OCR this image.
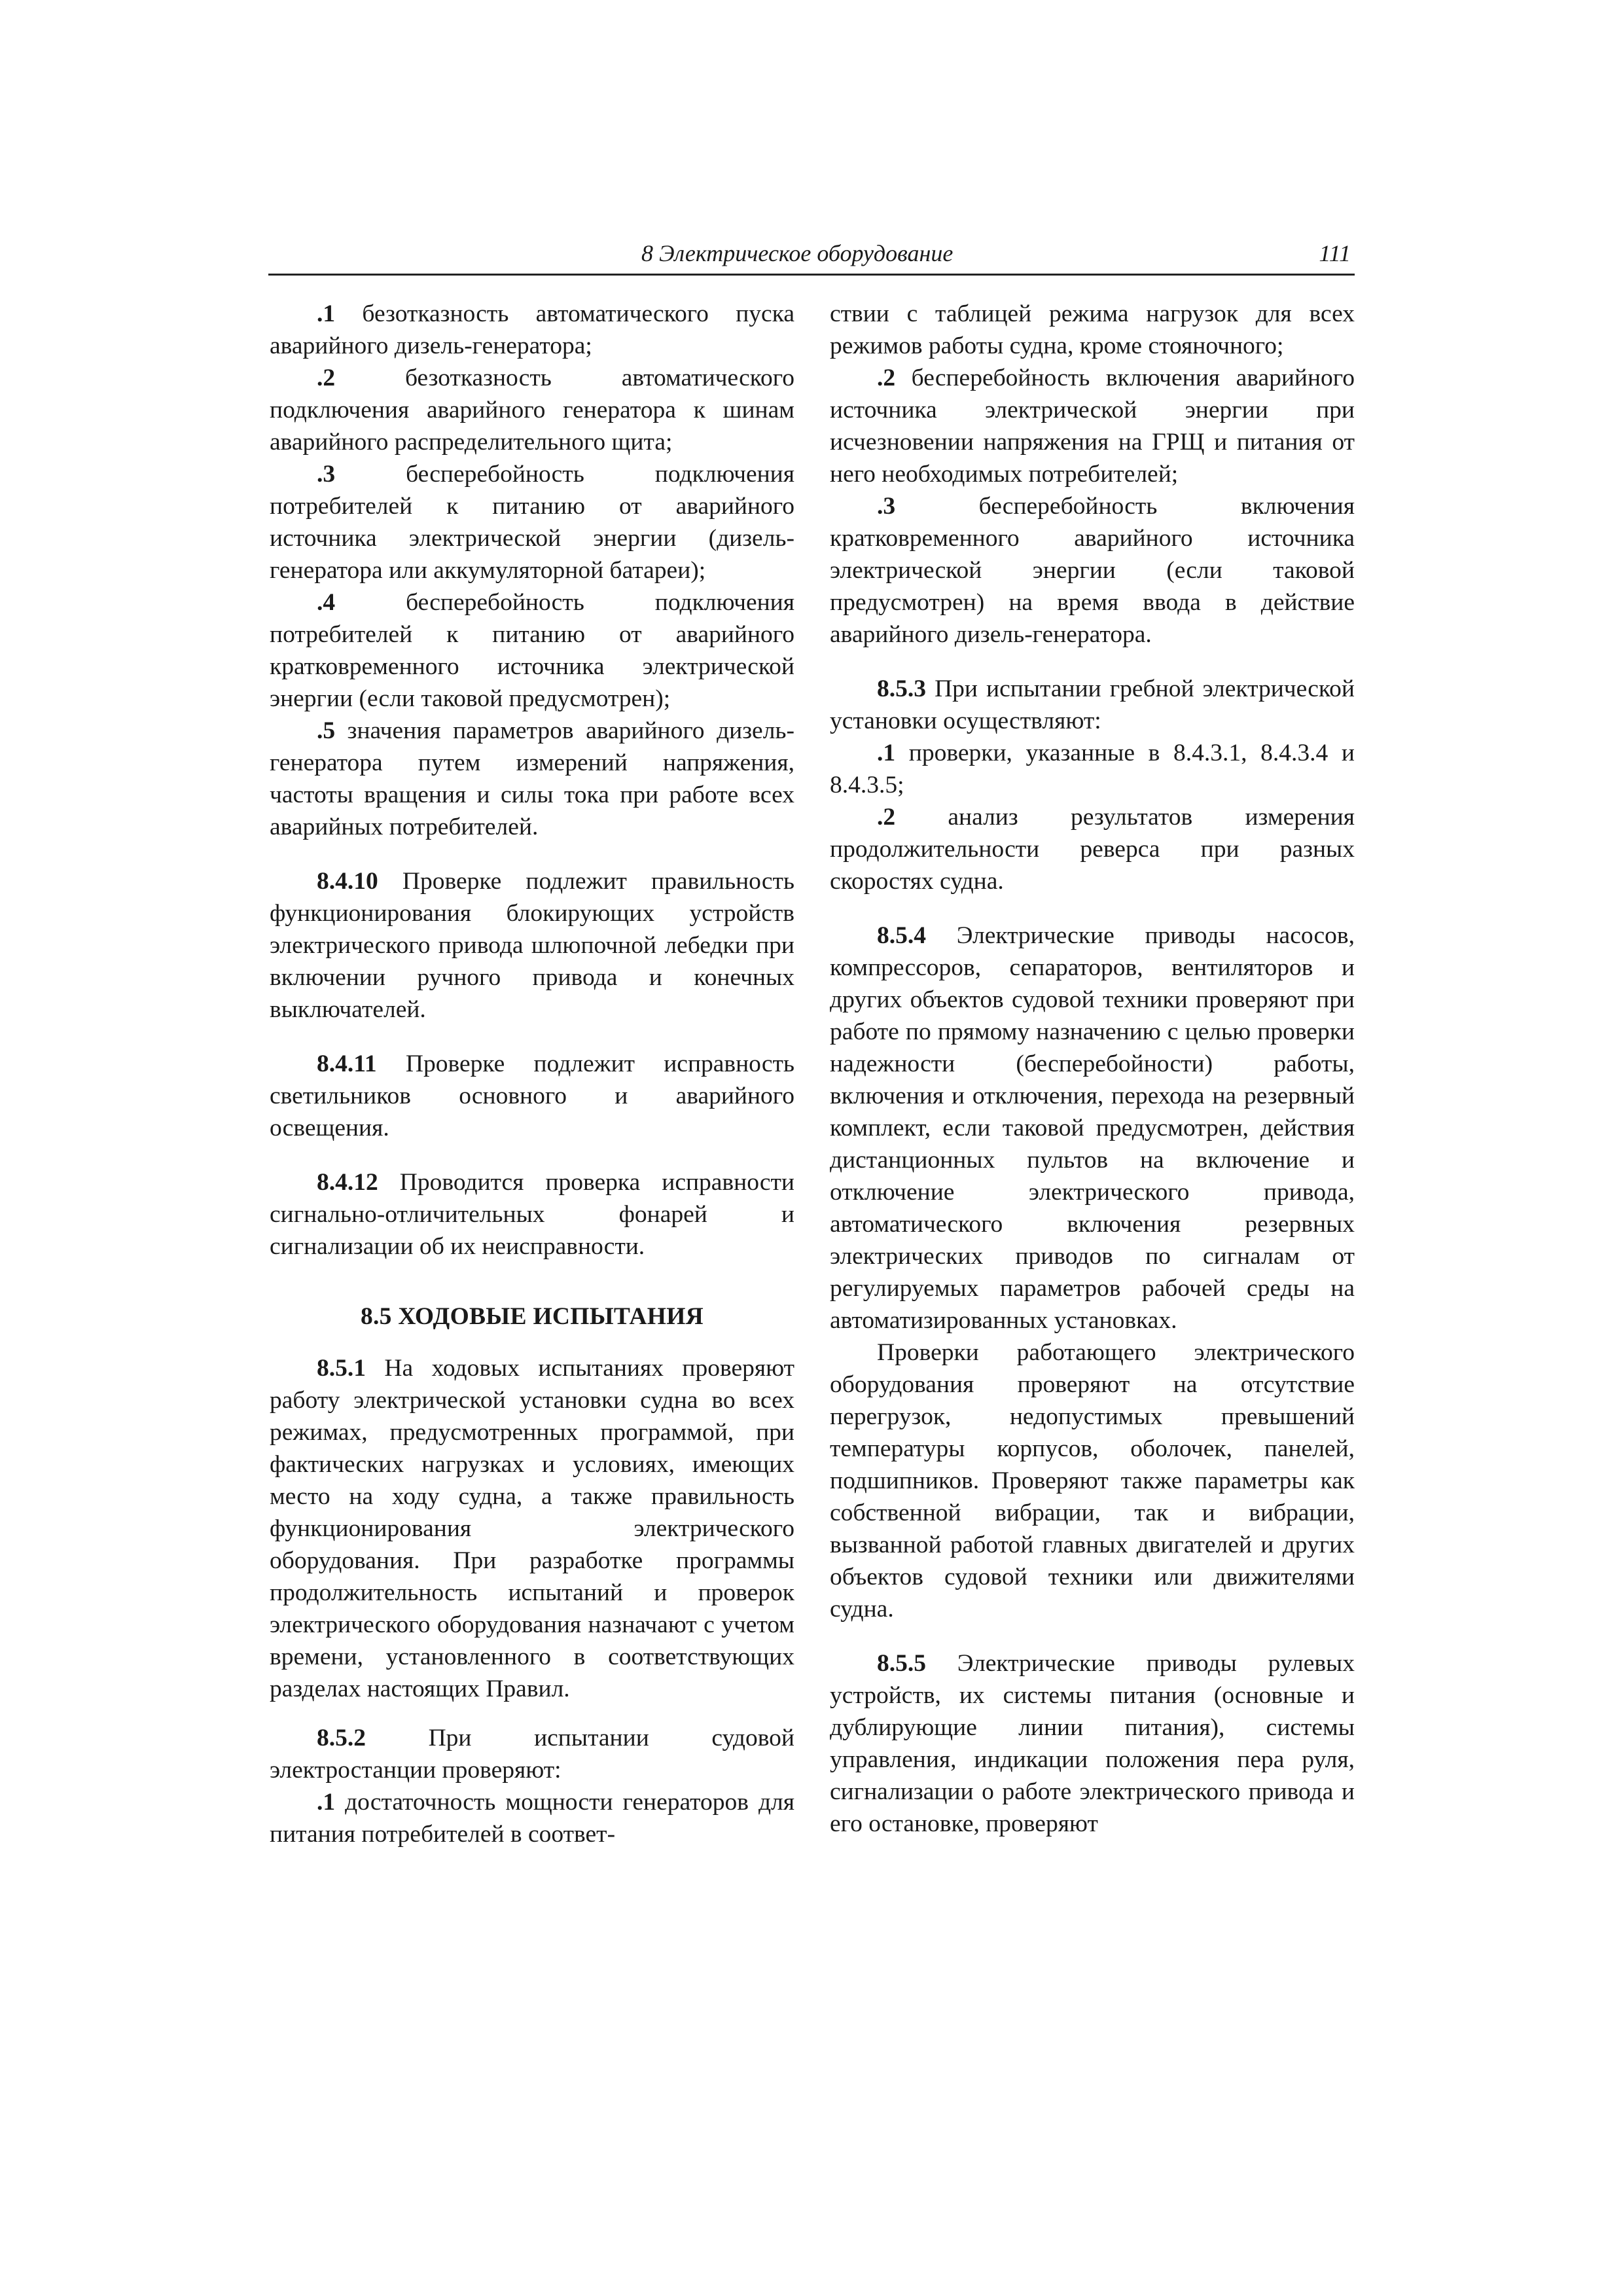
8 Электрическое оборудование	111

.1 безотказность автоматического пуска аварийного дизель-генератора;

.2 безотказность автоматического подключения аварийного генератора к шинам аварийного распределительного щита;

.3 бесперебойность подключения потребителей к питанию от аварийного источника электрической энергии (дизель-генератора или аккумуляторной батареи);

.4 бесперебойность подключения потребителей к питанию от аварийного кратковременного источника электрической энергии (если таковой предусмотрен);

.5 значения параметров аварийного дизель-генератора путем измерений напряжения, частоты вращения и силы тока при работе всех аварийных потребителей.

8.4.10 Проверке подлежит правильность функционирования блокирующих устройств электрического привода шлюпочной лебедки при включении ручного привода и конечных выключателей.

8.4.11 Проверке подлежит исправность светильников основного и аварийного освещения.

8.4.12 Проводится проверка исправности сигнально-отличительных фонарей и сигнализации об их неисправности.

8.5 ХОДОВЫЕ ИСПЫТАНИЯ

8.5.1 На ходовых испытаниях проверяют работу электрической установки судна во всех режимах, предусмотренных программой, при фактических нагрузках и условиях, имеющих место на ходу судна, а также правильность функционирования электрического оборудования. При разработке программы продолжительность испытаний и проверок электрического оборудования назначают с учетом времени, установленного в соответствующих разделах настоящих Правил.

8.5.2 При испытании судовой электростанции проверяют:

.1 достаточность мощности генераторов для питания потребителей в соответ-

ствии с таблицей режима нагрузок для всех режимов работы судна, кроме стояночного;

.2 бесперебойность включения аварийного источника электрической энергии при исчезновении напряжения на ГРЩ и питания от него необходимых потребителей;

.3 бесперебойность включения кратковременного аварийного источника электрической энергии (если таковой предусмотрен) на время ввода в действие аварийного дизель-генератора.

8.5.3 При испытании гребной электрической установки осуществляют:

.1 проверки, указанные в 8.4.3.1, 8.4.3.4 и 8.4.3.5;

.2 анализ результатов измерения продолжительности реверса при разных скоростях судна.

8.5.4 Электрические приводы насосов, компрессоров, сепараторов, вентиляторов и других объектов судовой техники проверяют при работе по прямому назначению с целью проверки надежности (бесперебойности) работы, включения и отключения, перехода на резервный комплект, если таковой предусмотрен, действия дистанционных пультов на включение и отключение электрического привода, автоматического включения резервных электрических приводов по сигналам от регулируемых параметров рабочей среды на автоматизированных установках.

Проверки работающего электрического оборудования проверяют на отсутствие перегрузок, недопустимых превышений температуры корпусов, оболочек, панелей, подшипников. Проверяют также параметры как собственной вибрации, так и вибрации, вызванной работой главных двигателей и других объектов судовой техники или движителями судна.

8.5.5 Электрические приводы рулевых устройств, их системы питания (основные и дублирующие линии питания), системы управления, индикации положения пера руля, сигнализации о работе электрического привода и его остановке, проверяют
